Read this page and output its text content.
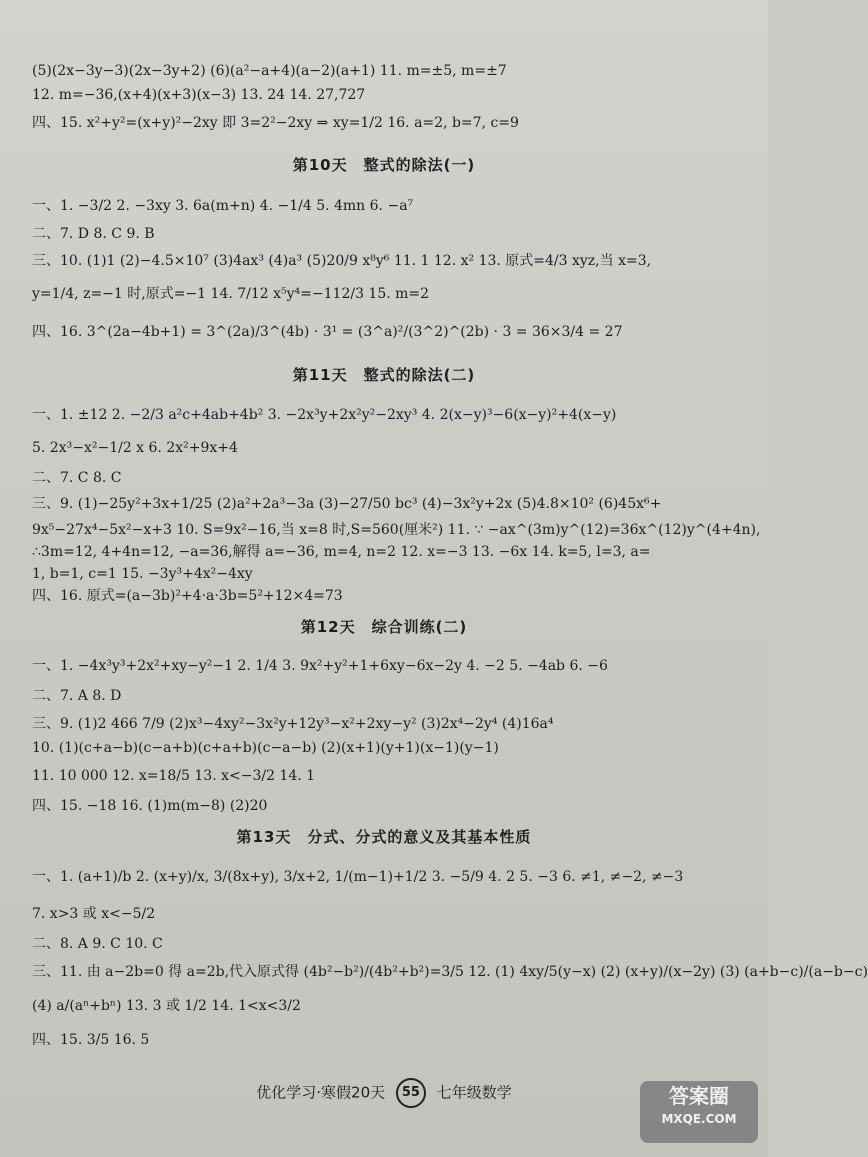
(5)(2x−3y−3)(2x−3y+2) (6)(a²−a+4)(a−2)(a+1) 11. m=±5, m=±7
12. m=−36,(x+4)(x+3)(x−3) 13. 24 14. 27,727
四、15. x²+y²=(x+y)²−2xy 即 3=2²−2xy ⇒ xy=1/2 16. a=2, b=7, c=9
第10天　整式的除法(一)
一、1. −3/2 2. −3xy 3. 6a(m+n) 4. −1/4 5. 4mn 6. −a⁷
二、7. D 8. C 9. B
三、10. (1)1 (2)−4.5×10⁷ (3)4ax³ (4)a³ (5)20/9 x⁸y⁶ 11. 1 12. x² 13. 原式=4/3 xyz,当 x=3,
y=1/4, z=−1 时,原式=−1 14. 7/12 x⁵y⁴=−112/3 15. m=2
四、16. 3^(2a−4b+1) = 3^(2a)/3^(4b) · 3¹ = (3^a)²/(3^2)^(2b) · 3 = 36×3/4 = 27
第11天　整式的除法(二)
一、1. ±12 2. −2/3 a²c+4ab+4b² 3. −2x³y+2x²y²−2xy³ 4. 2(x−y)³−6(x−y)²+4(x−y)
5. 2x³−x²−1/2 x 6. 2x²+9x+4
二、7. C 8. C
三、9. (1)−25y²+3x+1/25 (2)a²+2a³−3a (3)−27/50 bc³ (4)−3x²y+2x (5)4.8×10² (6)45x⁶+
9x⁵−27x⁴−5x²−x+3 10. S=9x²−16,当 x=8 时,S=560(厘米²) 11. ∵ −ax^(3m)y^(12)=36x^(12)y^(4+4n),
∴3m=12, 4+4n=12, −a=36,解得 a=−36, m=4, n=2 12. x=−3 13. −6x 14. k=5, l=3, a=
1, b=1, c=1 15. −3y³+4x²−4xy
四、16. 原式=(a−3b)²+4·a·3b=5²+12×4=73
第12天　综合训练(二)
一、1. −4x³y³+2x²+xy−y²−1 2. 1/4 3. 9x²+y²+1+6xy−6x−2y 4. −2 5. −4ab 6. −6
二、7. A 8. D
三、9. (1)2 466 7/9 (2)x³−4xy²−3x²y+12y³−x²+2xy−y² (3)2x⁴−2y⁴ (4)16a⁴
10. (1)(c+a−b)(c−a+b)(c+a+b)(c−a−b) (2)(x+1)(y+1)(x−1)(y−1)
11. 10 000 12. x=18/5 13. x<−3/2 14. 1
四、15. −18 16. (1)m(m−8) (2)20
第13天　分式、分式的意义及其基本性质
一、1. (a+1)/b 2. (x+y)/x, 3/(8x+y), 3/x+2, 1/(m−1)+1/2 3. −5/9 4. 2 5. −3 6. ≠1, ≠−2, ≠−3
7. x>3 或 x<−5/2
二、8. A 9. C 10. C
三、11. 由 a−2b=0 得 a=2b,代入原式得 (4b²−b²)/(4b²+b²)=3/5 12. (1) 4xy/5(y−x) (2) (x+y)/(x−2y) (3) (a+b−c)/(a−b−c)
(4) a/(aⁿ+bⁿ) 13. 3 或 1/2 14. 1<x<3/2
四、15. 3/5 16. 5
优化学习·寒假20天 55 七年级数学	答案圈
MXQE.COM
